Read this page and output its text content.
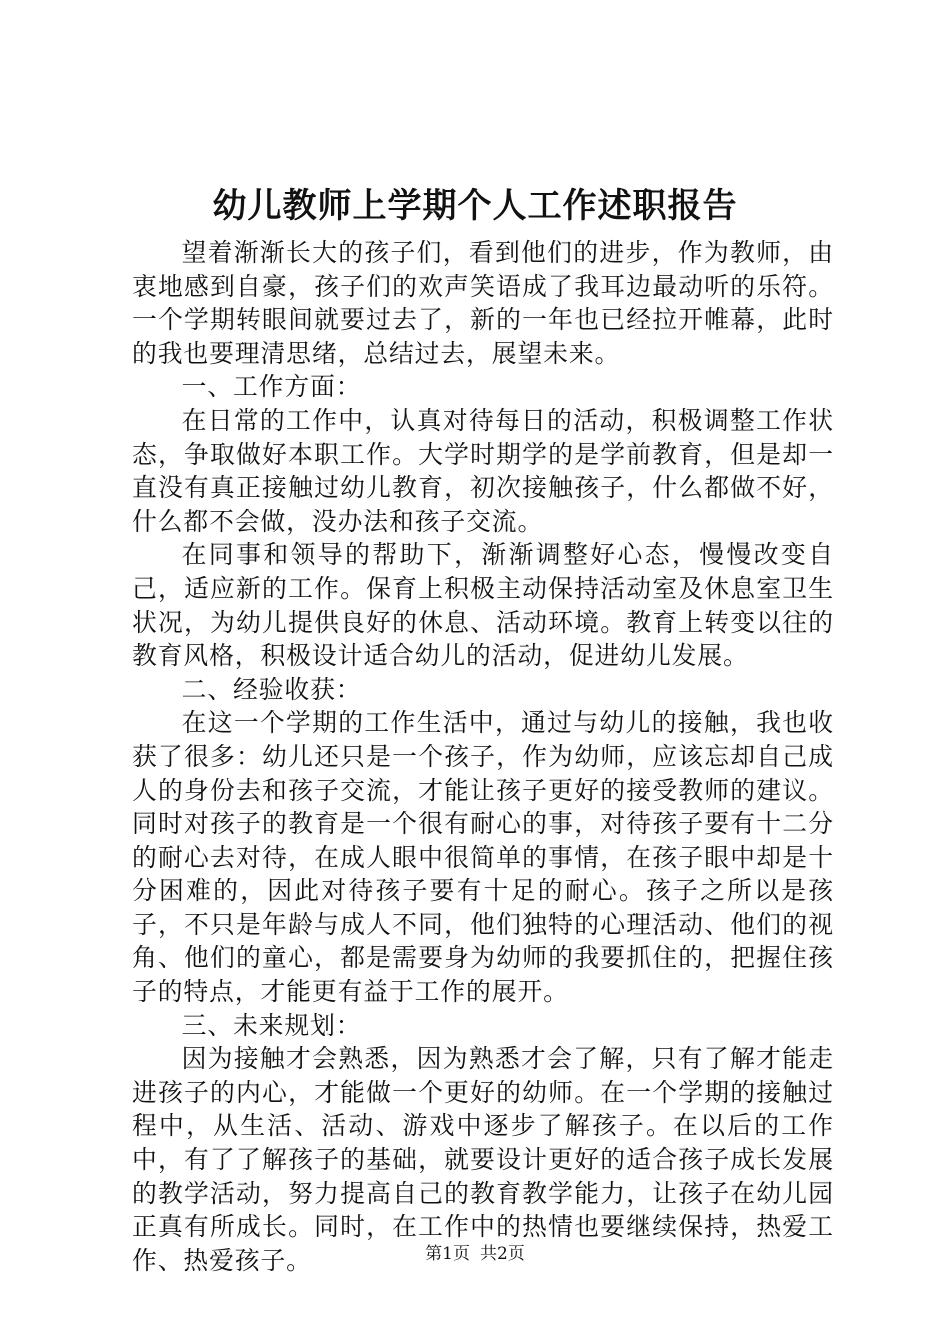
幼儿教师上学期个人工作述职报告

望着渐渐长大的孩子们，看到他们的进步，作为教师，由衷地感到自豪，孩子们的欢声笑语成了我耳边最动听的乐符。一个学期转眼间就要过去了，新的一年也已经拉开帷幕，此时的我也要理清思绪，总结过去，展望未来。

一、工作方面：

在日常的工作中，认真对待每日的活动，积极调整工作状态，争取做好本职工作。大学时期学的是学前教育，但是却一直没有真正接触过幼儿教育，初次接触孩子，什么都做不好，什么都不会做，没办法和孩子交流。

在同事和领导的帮助下，渐渐调整好心态，慢慢改变自己，适应新的工作。保育上积极主动保持活动室及休息室卫生状况，为幼儿提供良好的休息、活动环境。教育上转变以往的教育风格，积极设计适合幼儿的活动，促进幼儿发展。

二、经验收获：

在这一个学期的工作生活中，通过与幼儿的接触，我也收获了很多：幼儿还只是一个孩子，作为幼师，应该忘却自己成人的身份去和孩子交流，才能让孩子更好的接受教师的建议。同时对孩子的教育是一个很有耐心的事，对待孩子要有十二分的耐心去对待，在成人眼中很简单的事情，在孩子眼中却是十分困难的，因此对待孩子要有十足的耐心。孩子之所以是孩子，不只是年龄与成人不同，他们独特的心理活动、他们的视角、他们的童心，都是需要身为幼师的我要抓住的，把握住孩子的特点，才能更有益于工作的展开。

三、未来规划：

因为接触才会熟悉，因为熟悉才会了解，只有了解才能走进孩子的内心，才能做一个更好的幼师。在一个学期的接触过程中，从生活、活动、游戏中逐步了解孩子。在以后的工作中，有了了解孩子的基础，就要设计更好的适合孩子成长发展的教学活动，努力提高自己的教育教学能力，让孩子在幼儿园正真有所成长。同时，在工作中的热情也要继续保持，热爱工作、热爱孩子。	第1页 共2页
